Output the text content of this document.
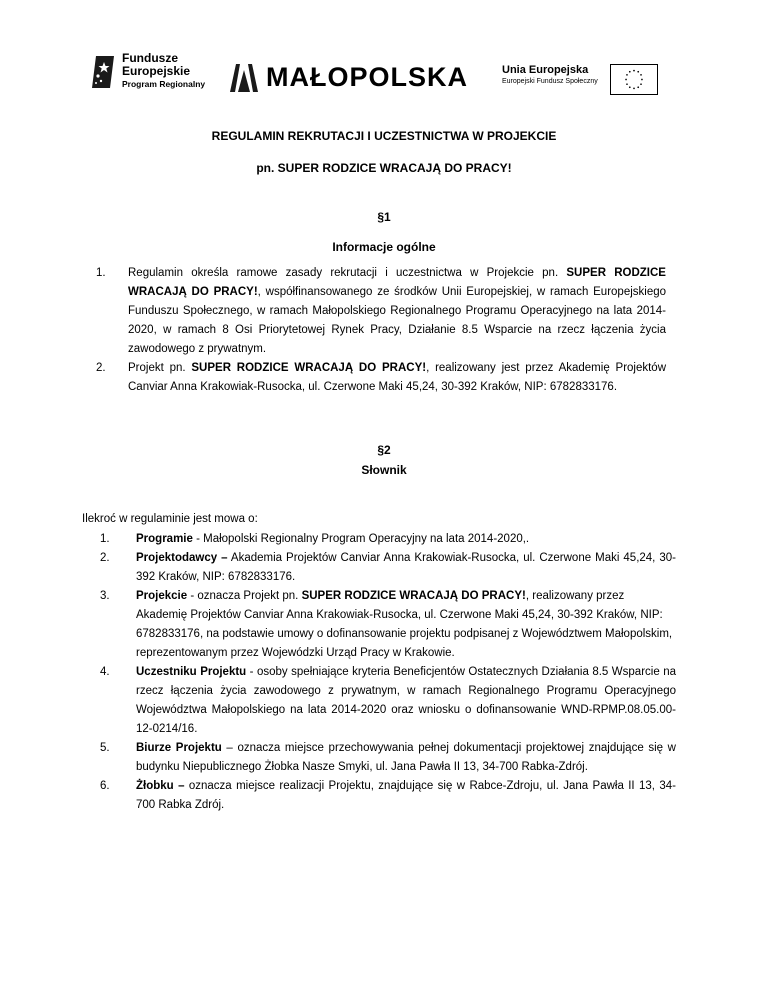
Fundusze
Europejskie
Program Regionalny MAŁOPOLSKA	Unia Europejska
Europejski Fundusz Społeczny
REGULAMIN REKRUTACJI I UCZESTNICTWA W PROJEKCIE
pn. SUPER RODZICE WRACAJĄ DO PRACY!
§1
Informacje ogólne
1. Regulamin określa ramowe zasady rekrutacji i uczestnictwa w Projekcie pn. SUPER RODZICE WRACAJĄ DO PRACY!, współfinansowanego ze środków Unii Europejskiej, w ramach Europejskiego Funduszu Społecznego, w ramach Małopolskiego Regionalnego Programu Operacyjnego na lata 2014-2020, w ramach 8 Osi Priorytetowej Rynek Pracy, Działanie 8.5 Wsparcie na rzecz łączenia życia zawodowego z prywatnym.
2. Projekt pn. SUPER RODZICE WRACAJĄ DO PRACY!, realizowany jest przez Akademię Projektów Canviar Anna Krakowiak-Rusocka, ul. Czerwone Maki 45,24, 30-392 Kraków, NIP: 6782833176.
§2
Słownik
Ilekroć w regulaminie jest mowa o:
1. Programie - Małopolski Regionalny Program Operacyjny na lata 2014-2020,.
2. Projektodawcy – Akademia Projektów Canviar Anna Krakowiak-Rusocka, ul. Czerwone Maki 45,24, 30-392 Kraków, NIP: 6782833176.
3. Projekcie - oznacza Projekt pn. SUPER RODZICE WRACAJĄ DO PRACY!, realizowany przez Akademię Projektów Canviar Anna Krakowiak-Rusocka, ul. Czerwone Maki 45,24, 30-392 Kraków, NIP: 6782833176, na podstawie umowy o dofinansowanie projektu podpisanej z Województwem Małopolskim, reprezentowanym przez Wojewódzki Urząd Pracy w Krakowie.
4. Uczestniku Projektu - osoby spełniające kryteria Beneficjentów Ostatecznych Działania 8.5 Wsparcie na rzecz łączenia życia zawodowego z prywatnym, w ramach Regionalnego Programu Operacyjnego Województwa Małopolskiego na lata 2014-2020 oraz wniosku o dofinansowanie WND-RPMP.08.05.00-12-0214/16.
5. Biurze Projektu – oznacza miejsce przechowywania pełnej dokumentacji projektowej znajdujące się w budynku Niepublicznego Żłobka Nasze Smyki, ul. Jana Pawła II 13, 34-700 Rabka-Zdrój.
6. Żłobku – oznacza miejsce realizacji Projektu, znajdujące się w Rabce-Zdroju, ul. Jana Pawła II 13, 34-700 Rabka Zdrój.
